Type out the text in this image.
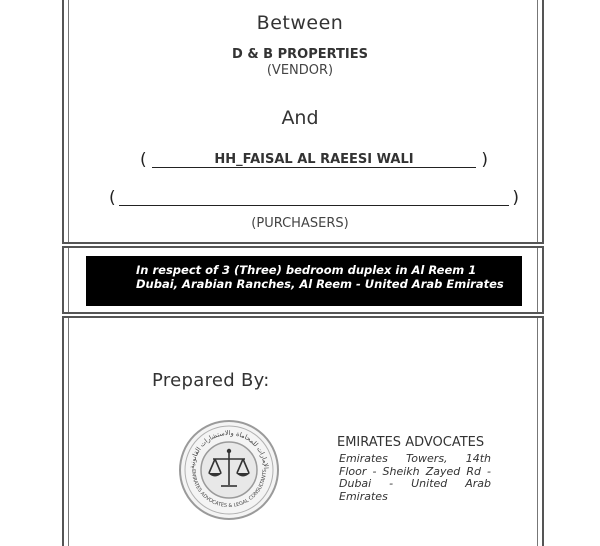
Between
D & B PROPERTIES
(VENDOR)
And
(	HH_FAISAL AL RAEESI WALI	)
(	)
(PURCHASERS)
In respect of 3 (Three) bedroom duplex in Al Reem 1
Dubai, Arabian Ranches, Al Reem - United Arab Emirates
Prepared By:
الإمارات للمحاماة والاستشارات القانونية
EMIRATES ADVOCATES & LEGAL CONSULTANTS
EMIRATES ADVOCATES
Emirates Towers, 14th Floor - Sheikh Zayed Rd - Dubai - United Arab Emirates
